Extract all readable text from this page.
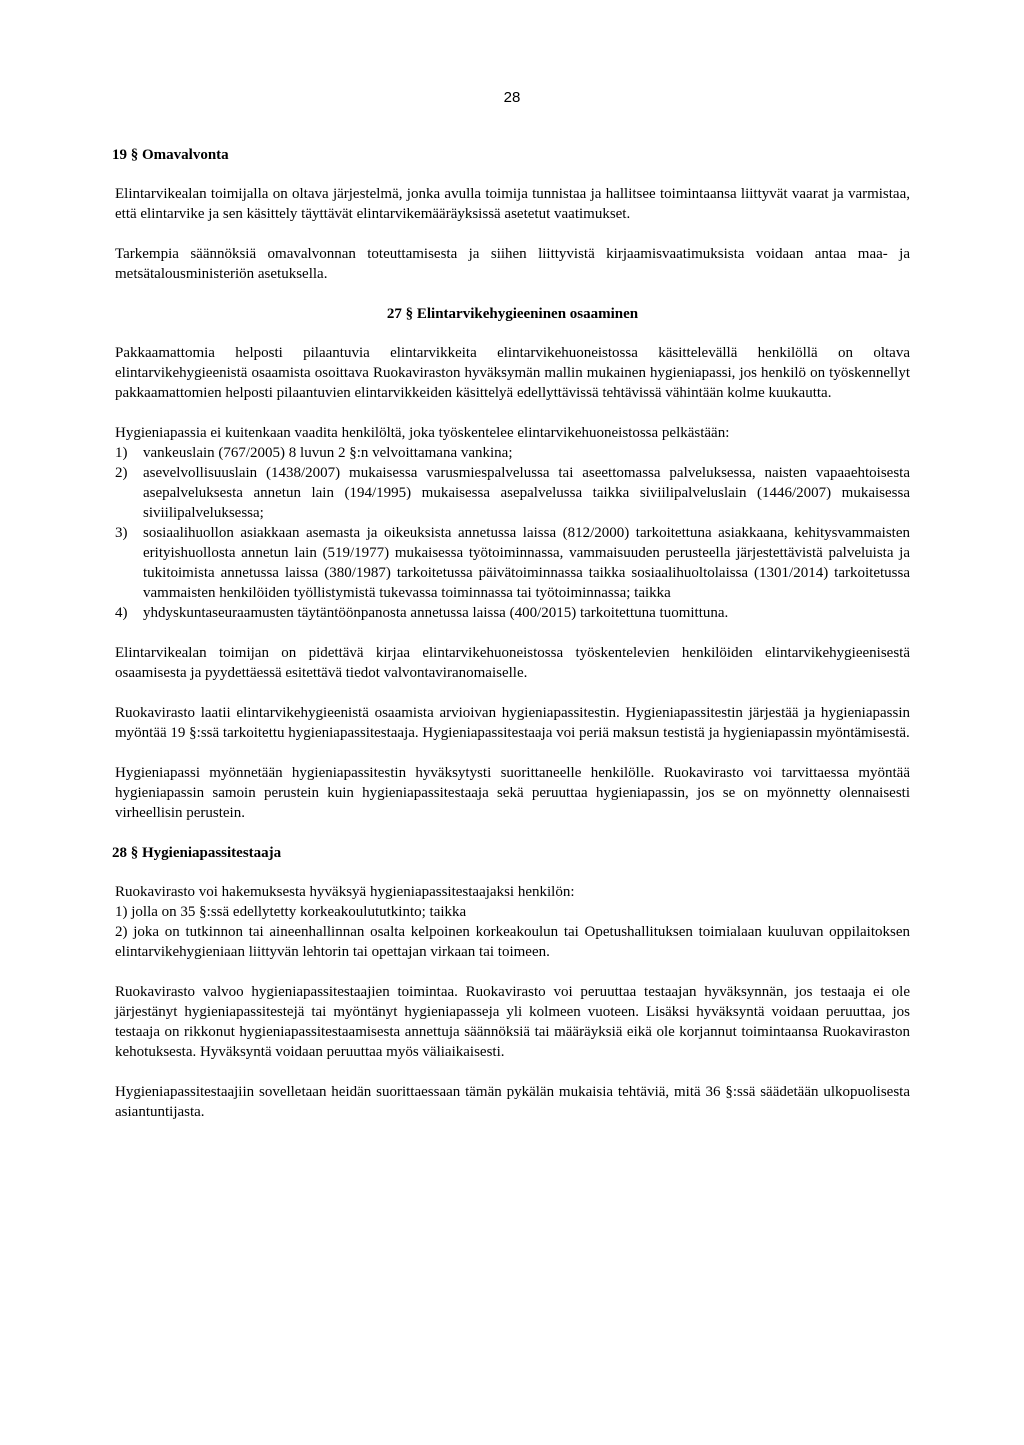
28
19 § Omavalvonta

Elintarvikealan toimijalla on oltava järjestelmä, jonka avulla toimija tunnistaa ja hallitsee toimintaansa liittyvät vaarat ja varmistaa, että elintarvike ja sen käsittely täyttävät elintarvikemääräyksissä asetetut vaatimukset.

Tarkempia säännöksiä omavalvonnan toteuttamisesta ja siihen liittyvistä kirjaamisvaatimuksista voidaan antaa maa- ja metsätalousministeriön asetuksella.

27 § Elintarvikehygieeninen osaaminen

Pakkaamattomia helposti pilaantuvia elintarvikkeita elintarvikehuoneistossa käsittelevällä henkilöllä on oltava elintarvikehygieenistä osaamista osoittava Ruokaviraston hyväksymän mallin mukainen hygieniapassi, jos henkilö on työskennellyt pakkaamattomien helposti pilaantuvien elintarvikkeiden käsittelyä edellyttävissä tehtävissä vähintään kolme kuukautta.

Hygieniapassia ei kuitenkaan vaadita henkilöltä, joka työskentelee elintarvikehuoneistossa pelkästään:

1)	vankeuslain (767/2005) 8 luvun 2 §:n velvoittamana vankina;
2)	asevelvollisuuslain (1438/2007) mukaisessa varusmiespalvelussa tai aseettomassa palveluksessa, naisten vapaaehtoisesta asepalveluksesta annetun lain (194/1995) mukaisessa asepalvelussa taikka siviilipalveluslain (1446/2007) mukaisessa siviilipalveluksessa;
3)	sosiaalihuollon asiakkaan asemasta ja oikeuksista annetussa laissa (812/2000) tarkoitettuna asiakkaana, kehitysvammaisten erityishuollosta annetun lain (519/1977) mukaisessa työtoiminnassa, vammaisuuden perusteella järjestettävistä palveluista ja tukitoimista annetussa laissa (380/1987) tarkoitetussa päivätoiminnassa taikka sosiaalihuoltolaissa (1301/2014) tarkoitetussa vammaisten henkilöiden työllistymistä tukevassa toiminnassa tai työtoiminnassa; taikka
4)	yhdyskuntaseuraamusten täytäntöönpanosta annetussa laissa (400/2015) tarkoitettuna tuomittuna.

Elintarvikealan toimijan on pidettävä kirjaa elintarvikehuoneistossa työskentelevien henkilöiden elintarvikehygieenisestä osaamisesta ja pyydettäessä esitettävä tiedot valvontaviranomaiselle.

Ruokavirasto laatii elintarvikehygieenistä osaamista arvioivan hygieniapassitestin. Hygieniapassitestin järjestää ja hygieniapassin myöntää 19 §:ssä tarkoitettu hygieniapassitestaaja. Hygieniapassitestaaja voi periä maksun testistä ja hygieniapassin myöntämisestä.

Hygieniapassi myönnetään hygieniapassitestin hyväksytysti suorittaneelle henkilölle. Ruokavirasto voi tarvittaessa myöntää hygieniapassin samoin perustein kuin hygieniapassitestaaja sekä peruuttaa hygieniapassin, jos se on myönnetty olennaisesti virheellisin perustein.

28 § Hygieniapassitestaaja
Ruokavirasto voi hakemuksesta hyväksyä hygieniapassitestaajaksi henkilön:
1) jolla on 35 §:ssä edellytetty korkeakoulututkinto; taikka

2) joka on tutkinnon tai aineenhallinnan osalta kelpoinen korkeakoulun tai Opetushallituksen toimialaan kuuluvan oppilaitoksen elintarvikehygieniaan liittyvän lehtorin tai opettajan virkaan tai toimeen.

Ruokavirasto valvoo hygieniapassitestaajien toimintaa. Ruokavirasto voi peruuttaa testaajan hyväksynnän, jos testaaja ei ole järjestänyt hygieniapassitestejä tai myöntänyt hygieniapasseja yli kolmeen vuoteen. Lisäksi hyväksyntä voidaan peruuttaa, jos testaaja on rikkonut hygieniapassitestaamisesta annettuja säännöksiä tai määräyksiä eikä ole korjannut toimintaansa Ruokaviraston kehotuksesta. Hyväksyntä voidaan peruuttaa myös väliaikaisesti.

Hygieniapassitestaajiin sovelletaan heidän suorittaessaan tämän pykälän mukaisia tehtäviä, mitä 36 §:ssä säädetään ulkopuolisesta asiantuntijasta.
